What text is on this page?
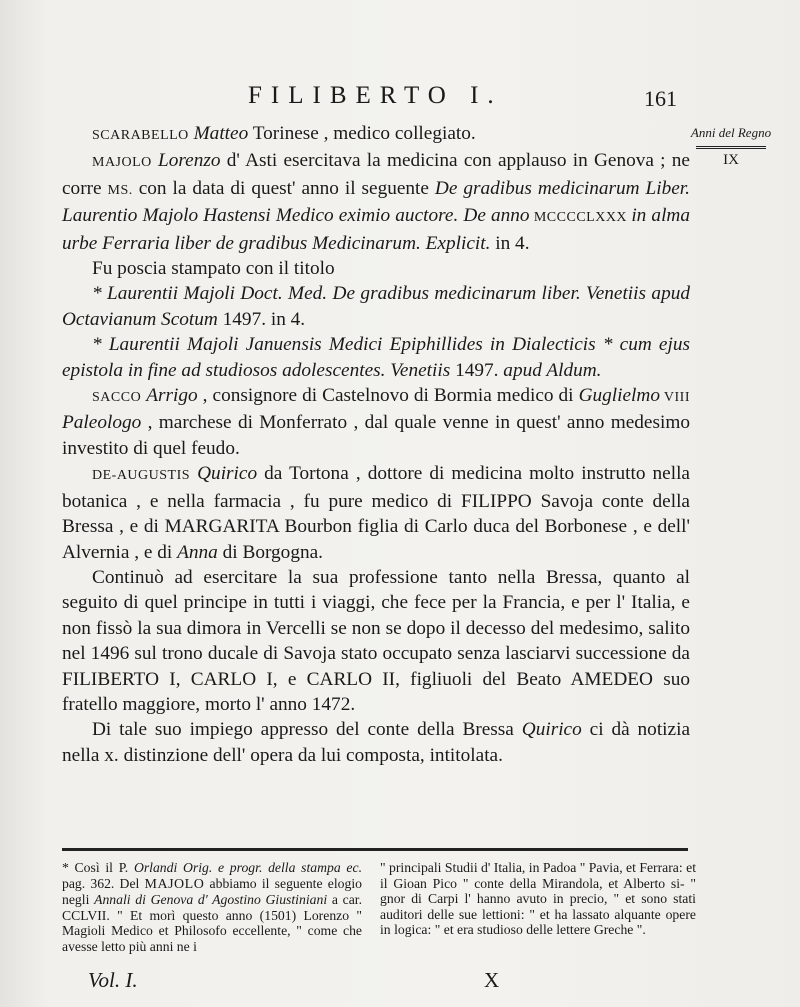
FILIBERTO I.	161
Anni del Regno
IX

SCARABELLO Matteo Torinese , medico collegiato.

MAJOLO Lorenzo d' Asti esercitava la medicina con applauso in Genova ; ne corre MS. con la data di quest' anno il seguente De gradibus medicinarum Liber. Laurentio Majolo Hastensi Medico eximio auctore. De anno MCCCCLXXX in alma urbe Ferraria liber de gradibus Medicinarum. Explicit. in 4.

Fu poscia stampato con il titolo

* Laurentii Majoli Doct. Med. De gradibus medicinarum liber. Venetiis apud Octavianum Scotum 1497. in 4.

* Laurentii Majoli Januensis Medici Epiphillides in Dialecticis * cum ejus epistola in fine ad studiosos adolescentes. Venetiis 1497. apud Aldum.

SACCO Arrigo , consignore di Castelnovo di Bormia medico di Guglielmo VIII Paleologo , marchese di Monferrato , dal quale venne in quest' anno medesimo investito di quel feudo.

DE-AUGUSTIS Quirico da Tortona , dottore di medicina molto instrutto nella botanica , e nella farmacia , fu pure medico di FILIPPO Savoja conte della Bressa , e di MARGARITA Bourbon figlia di Carlo duca del Borbonese , e dell' Alvernia , e di Anna di Borgogna.

Continuò ad esercitare la sua professione tanto nella Bressa, quanto al seguito di quel principe in tutti i viaggi, che fece per la Francia, e per l' Italia, e non fissò la sua dimora in Vercelli se non se dopo il decesso del medesimo, salito nel 1496 sul trono ducale di Savoja stato occupato senza lasciarvi successione da FILIBERTO I, CARLO I, e CARLO II, figliuoli del Beato AMEDEO suo fratello maggiore, morto l' anno 1472.

Di tale suo impiego appresso del conte della Bressa Quirico ci dà notizia nella x. distinzione dell' opera da lui composta, intitolata.

* Così il P. Orlandi Orig. e progr. della stampa ec. pag. 362. Del MAJOLO abbiamo il seguente elogio negli Annali di Genova d' Agostino Giustiniani a car. CCLVII. " Et morì questo anno (1501) Lorenzo " Magioli Medico et Philosofo eccellente, " come che avesse letto più anni ne i

" principali Studii d' Italia, in Padoa " Pavia, et Ferrara: et il Gioan Pico " conte della Mirandola, et Alberto si- " gnor di Carpi l' hanno avuto in precio, " et sono stati auditori delle sue lettioni: " et ha lassato alquante opere in logica: " et era studioso delle lettere Greche ".

Vol. I.	X
